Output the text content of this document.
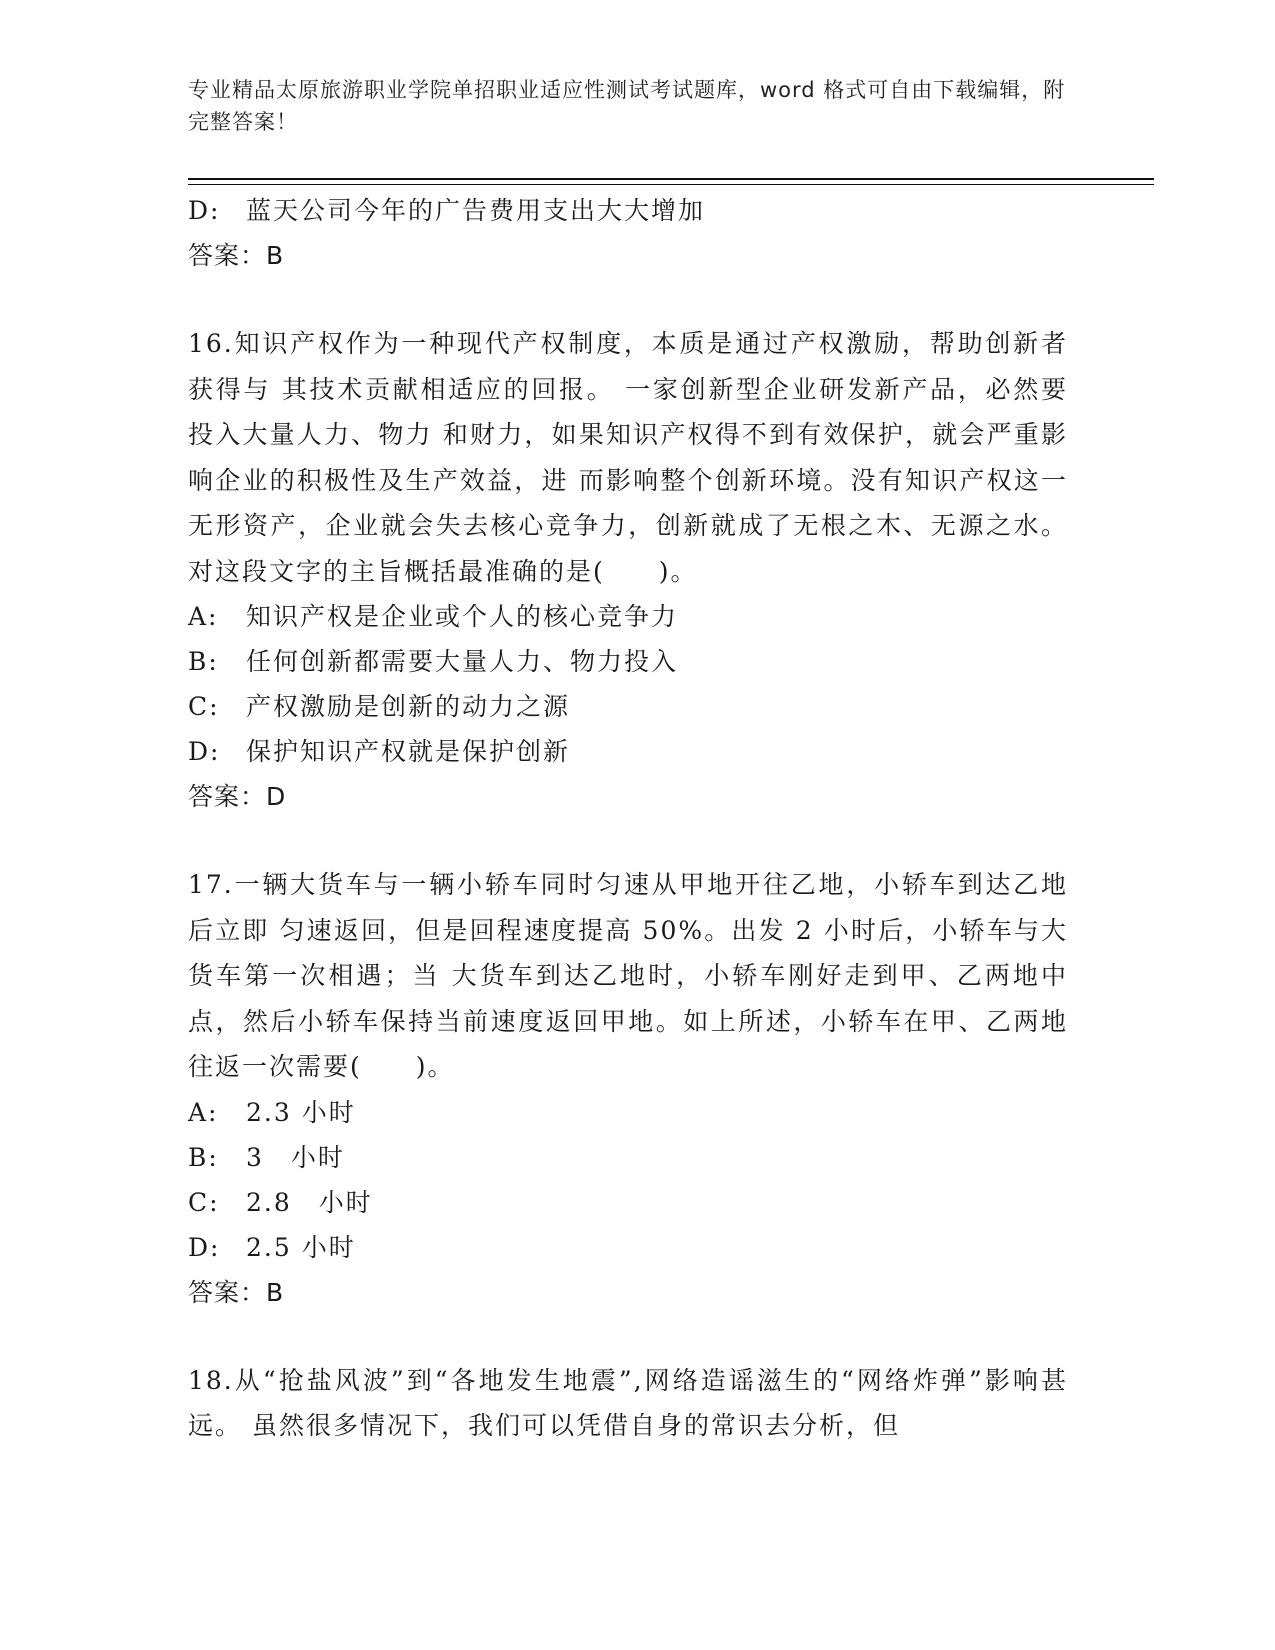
专业精品太原旅游职业学院单招职业适应性测试考试题库，word 格式可自由下载编辑，附完整答案！
D:	蓝天公司今年的广告费用支出大大增加
答案：B
16.知识产权作为一种现代产权制度，本质是通过产权激励，帮助创新者获得与 其技术贡献相适应的回报。 一家创新型企业研发新产品，必然要投入大量人力、物力 和财力，如果知识产权得不到有效保护，就会严重影响企业的积极性及生产效益，进 而影响整个创新环境。没有知识产权这一无形资产，企业就会失去核心竞争力，创新就成了无根之木、无源之水。对这段文字的主旨概括最准确的是(　　)。
A:	知识产权是企业或个人的核心竞争力
B:	任何创新都需要大量人力、物力投入
C:	产权激励是创新的动力之源
D:	保护知识产权就是保护创新
答案：D
17.一辆大货车与一辆小轿车同时匀速从甲地开往乙地，小轿车到达乙地后立即 匀速返回，但是回程速度提高 50%。出发 2 小时后，小轿车与大货车第一次相遇；当 大货车到达乙地时，小轿车刚好走到甲、乙两地中点，然后小轿车保持当前速度返回甲地。如上所述，小轿车在甲、乙两地往返一次需要(　　)。
A:	2.3 小时
B:	3　小时
C:	2.8　小时
D:	2.5 小时
答案：B
18.从“抢盐风波”到“各地发生地震”,网络造谣滋生的“网络炸弹”影响甚远。 虽然很多情况下，我们可以凭借自身的常识去分析，但
